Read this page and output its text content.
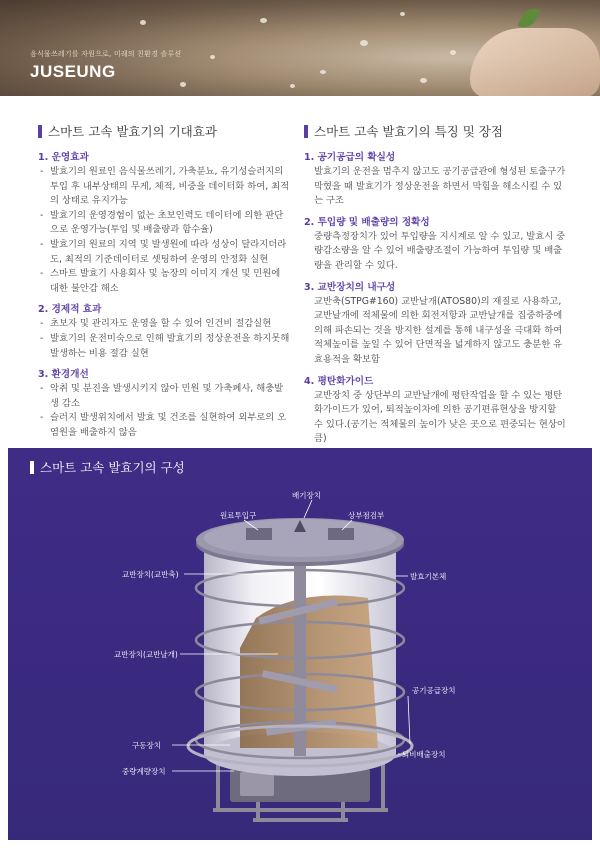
음식물쓰레기를 자원으로, 미래의 친환경 솔루션
JUSEUNG
스마트 고속 발효기의 기대효과
1. 운영효과
- 발효기의 원료인 음식물쓰레기, 가축분뇨, 유기성슬러지의 투입 후 내부상태의 무게, 체적, 비중을 데이터화 하여, 최적의 상태로 유지가능
- 발효기의 운영경험이 없는 초보인력도 데이터에 의한 판단으로 운영가능(투입 및 배출량과 함수율)
- 발효기의 원료의 지역 및 발생원에 따라 성상이 달라지더라도, 최적의 기준데이터로 셋팅하여 운영의 안정화 실현
- 스마트 발효기 사용회사 및 농장의 이미지 개선 및 민원에 대한 불안감 해소
2. 경제적 효과
- 초보자 및 관리자도 운영을 할 수 있어 인건비 절감실현
- 발효기의 운전미숙으로 인해 발효기의 정상운전을 하지못해 발생하는 비용 절감 실현
3. 환경개선
- 악취 및 분진을 발생시키지 않아 민원 및 가축폐사, 해충발생 감소
- 슬러지 발생위치에서 발효 및 건조를 실현하여 외부로의 오염원을 배출하지 않음
스마트 고속 발효기의 특징 및 장점
1. 공기공급의 확실성

발효기의 운전을 멈추지 않고도 공기공급관에 형성된 토출구가 막혔을 때 발효기가 정상운전을 하면서 막힘을 해소시킬 수 있는 구조

2. 투입량 및 배출량의 정확성

중량측정장치가 있어 투입량을 지시계로 알 수 있고, 발효시 중량감소량을 알 수 있어 배출량조절이 가능하여 투입량 및 배출량을 관리할 수 있다.

3. 교반장치의 내구성

교반축(STPG#160) 교반날개(ATOS80)의 재질로 사용하고, 교반날개에 적체물에 의한 회전저항과 교반날개를 집중하중에 의해 파손되는 것을 방지한 설계를 통해 내구성을 극대화 하여 적체높이를 높일 수 있어 단면적을 넓게하지 않고도 충분한 유효용적을 확보함

4. 평탄화가이드

교반장치 중 상단부의 교반날개에 평탄작업을 할 수 있는 평탄화가이드가 있어, 퇴적높이차에 의한 공기편류현상을 방지할 수 있다.(공기는 적체물의 높이가 낮은 곳으로 편중되는 현상이 큼)

스마트 고속 발효기의 구성
원료투입구
배기장치
상부점검부
교반장치(교반축)	발효기본체
교반장치(교반날개)
공기공급장치
구동장치
퇴비배출장치
중량계량장치
